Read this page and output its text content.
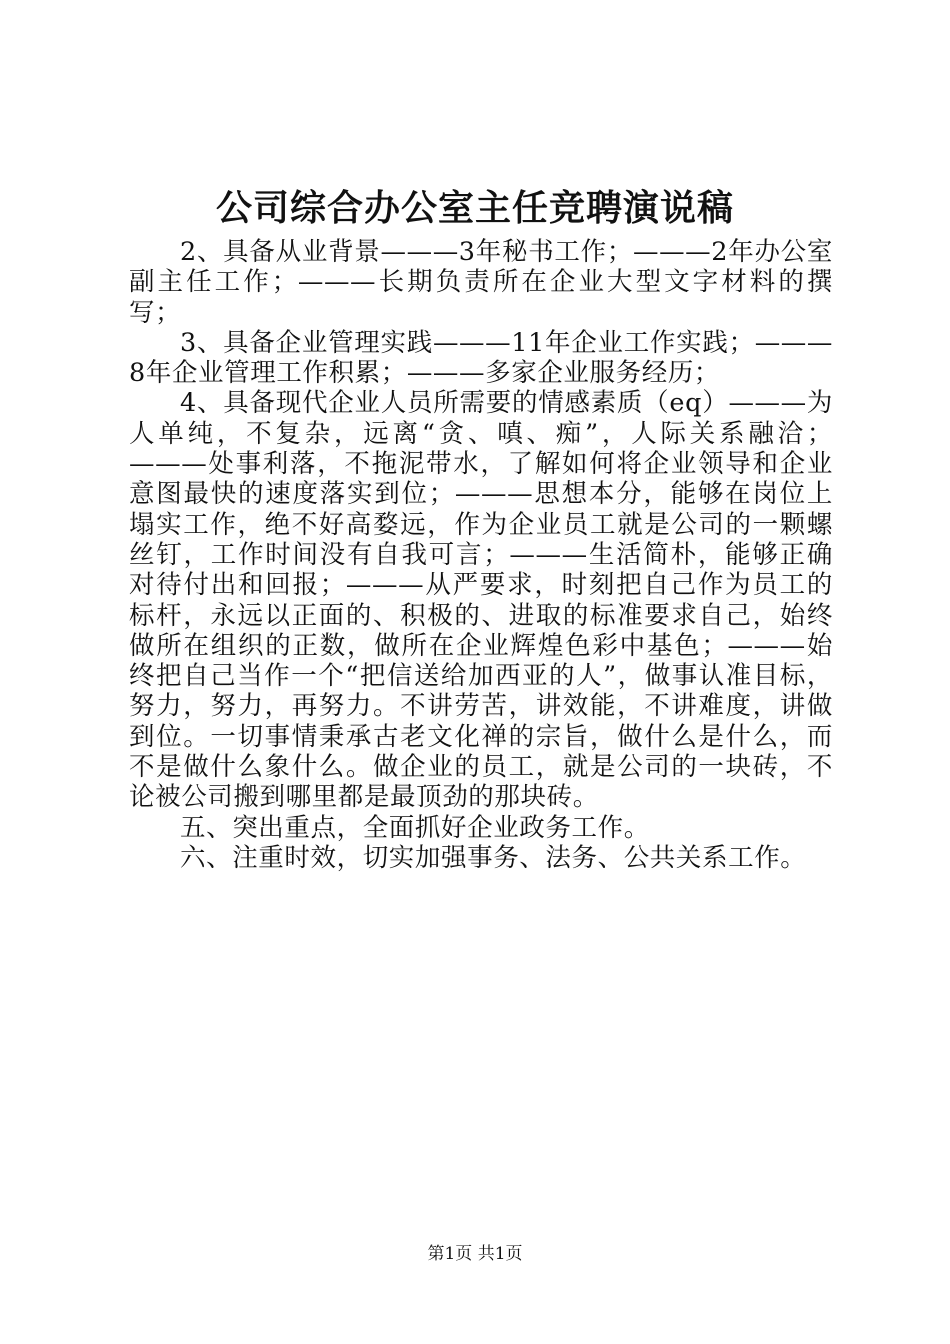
公司综合办公室主任竞聘演说稿

2、具备从业背景———3年秘书工作；———2年办公室副主任工作；———长期负责所在企业大型文字材料的撰写；

3、具备企业管理实践———11年企业工作实践；———8年企业管理工作积累；———多家企业服务经历；

4、具备现代企业人员所需要的情感素质（eq）———为人单纯，不复杂，远离“贪、嗔、痴”，人际关系融洽；———处事利落，不拖泥带水，了解如何将企业领导和企业意图最快的速度落实到位；———思想本分，能够在岗位上塌实工作，绝不好高婺远，作为企业员工就是公司的一颗螺丝钉，工作时间没有自我可言；———生活简朴，能够正确对待付出和回报；———从严要求，时刻把自己作为员工的标杆，永远以正面的、积极的、进取的标准要求自己，始终做所在组织的正数，做所在企业辉煌色彩中基色；———始终把自己当作一个“把信送给加西亚的人”，做事认准目标，努力，努力，再努力。不讲劳苦，讲效能，不讲难度，讲做到位。一切事情秉承古老文化禅的宗旨，做什么是什么，而不是做什么象什么。做企业的员工，就是公司的一块砖，不论被公司搬到哪里都是最顶劲的那块砖。

五、突出重点，全面抓好企业政务工作。

六、注重时效，切实加强事务、法务、公共关系工作。

第1页 共1页
